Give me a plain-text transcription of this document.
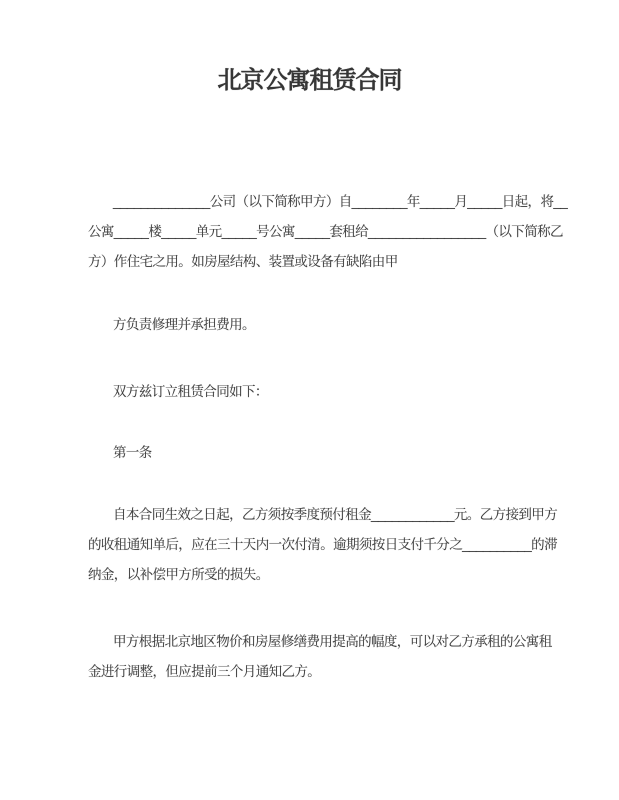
北京公寓租赁合同
______________公司（以下简称甲方）自________年_____月_____日起，将__
公寓_____楼_____单元_____号公寓_____套租给_________________（以下简称乙
方）作住宅之用。如房屋结构、装置或设备有缺陷由甲
方负责修理并承担费用。
双方兹订立租赁合同如下：
第一条
自本合同生效之日起，乙方须按季度预付租金____________元。乙方接到甲方
的收租通知单后，应在三十天内一次付清。逾期须按日支付千分之__________的滞
纳金，以补偿甲方所受的损失。
甲方根据北京地区物价和房屋修缮费用提高的幅度，可以对乙方承租的公寓租
金进行调整，但应提前三个月通知乙方。
